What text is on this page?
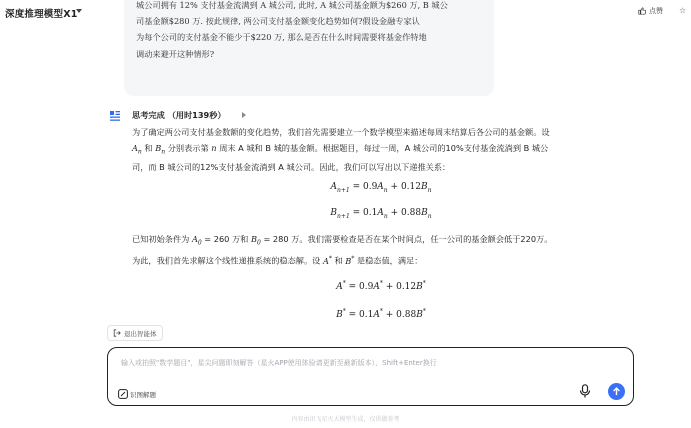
深度推理模型X1	点赞 ☆
城公司拥有 12% 支付基金流满到 A 城公司, 此时, A 城公司基金额为$260 万, B 城公
司基金额$280 万. 按此规律, 两公司支付基金额变化趋势如何?假设金融专家认
为每个公司的支付基金不能少于$220 万, 那么是否在什么时间需要将基金作特地
调动来避开这种情形?
思考完成 （用时139秒）

为了确定两公司支付基金数额的变化趋势，我们首先需要建立一个数学模型来描述每周末结算后各公司的基金额。设
$A_n$ 和 $B_n$ 分别表示第 n 周末 A 城和 B 城的基金额。根据题目，每过一周，A 城公司的10%支付基金流淌到 B 城公
司，而 B 城公司的12%支付基金流淌到 A 城公司。因此，我们可以写出以下递推关系：

$A_{n+1} = 0.9A_n + 0.12B_n$
$B_{n+1} = 0.1A_n + 0.88B_n$

已知初始条件为 $A_0 = 260$ 万和 $B_0 = 280$ 万。我们需要检查是否在某个时间点，任一公司的基金额会低于220万。
为此，我们首先求解这个线性递推系统的稳态解。设 A* 和 B* 是稳态值，满足：

A* = 0.9A* + 0.12B*
B* = 0.1A* + 0.88B*
退出智能体
输入或拍照"数学题目"，星尖问题即刻解答（星火APP使用体验请更新至最新版本），Shift+Enter换行
识图解题
内容由讯飞星火大模型生成，仅供做参考
